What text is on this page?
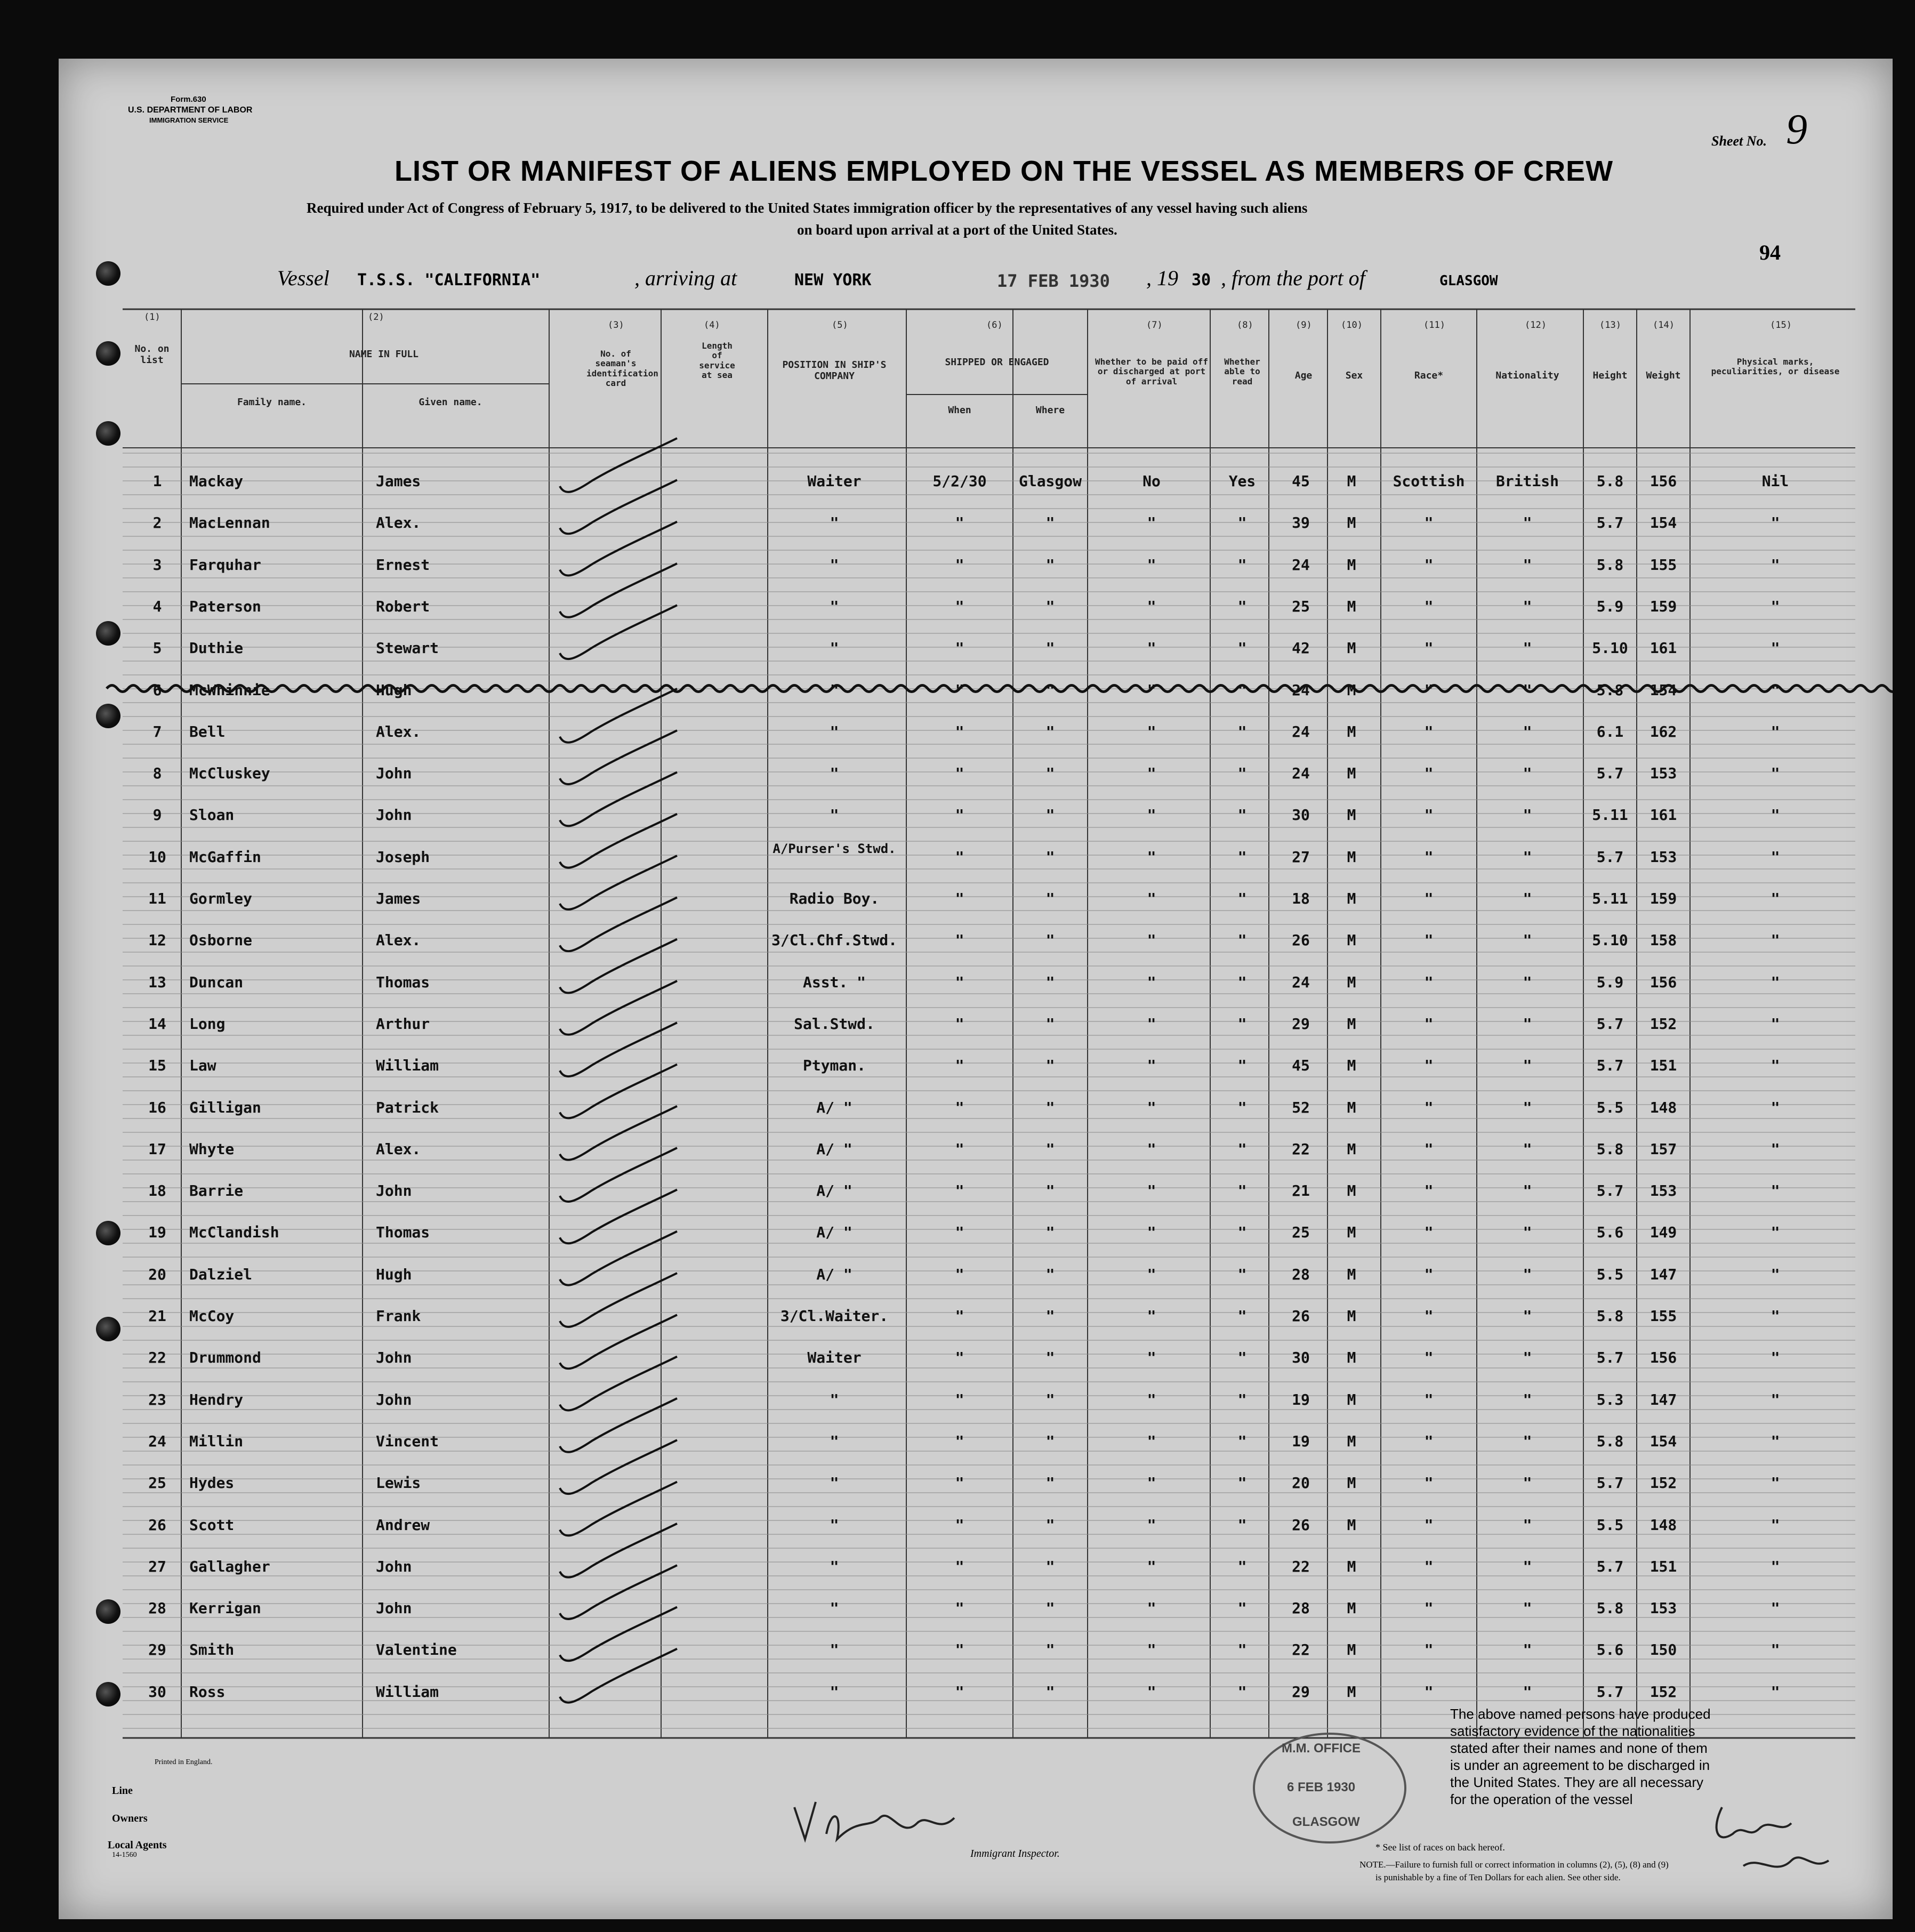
Form.630
U.S. DEPARTMENT OF LABOR
IMMIGRATION SERVICE
Sheet No. 9
94
LIST OR MANIFEST OF ALIENS EMPLOYED ON THE VESSEL AS MEMBERS OF CREW
Required under Act of Congress of February 5, 1917, to be delivered to the United States immigration officer by the representatives of any vessel having such aliens
on board upon arrival at a port of the United States.
Vessel T.S.S. "CALIFORNIA"	, arriving at	NEW YORK	17 FEB 1930 , 19 30 , from the port of	GLASGOW
(1)
No. on list
(2)
NAME IN FULL
Family name.	Given name.
(3)
No. of seaman's identification card
(4)
Length of service at sea
(5)
POSITION IN SHIP'S COMPANY
(6)
SHIPPED OR ENGAGED
When	Where
(7)
Whether to be paid off or discharged at port of arrival
(8)
Whether able to read
(9)
Age
(10)
Sex
(11)
Race*
(12)
Nationality
(13)
Height
(14)
Weight
(15)
Physical marks, peculiarities, or disease
1	Mackay	James	Waiter	5/2/30	Glasgow	No	Yes	45	M	Scottish	British	5.8	156	Nil
2	MacLennan	Alex.	"	"	"	"	"	39	M	"	"	5.7	154	"
3	Farquhar	Ernest	"	"	"	"	"	24	M	"	"	5.8	155	"
4	Paterson	Robert	"	"	"	"	"	25	M	"	"	5.9	159	"
5	Duthie	Stewart	"	"	"	"	"	42	M	"	"	5.10	161	"
6	McWhinnie	Hugh	"	"	"	"	"	24	M	"	"	5.8	154	"
7	Bell	Alex.	"	"	"	"	"	24	M	"	"	6.1	162	"
8	McCluskey	John	"	"	"	"	"	24	M	"	"	5.7	153	"
9	Sloan	John	"	"	"	"	"	30	M	"	"	5.11	161	"
10	McGaffin	Joseph	A/Purser's Stwd.	"	"	"	"	27	M	"	"	5.7	153	"
11	Gormley	James	Radio Boy.	"	"	"	"	18	M	"	"	5.11	159	"
12	Osborne	Alex.	3/Cl.Chf.Stwd.	"	"	"	"	26	M	"	"	5.10	158	"
13	Duncan	Thomas	Asst. "	"	"	"	"	24	M	"	"	5.9	156	"
14	Long	Arthur	Sal.Stwd.	"	"	"	"	29	M	"	"	5.7	152	"
15	Law	William	Ptyman.	"	"	"	"	45	M	"	"	5.7	151	"
16	Gilligan	Patrick	A/ "	"	"	"	"	52	M	"	"	5.5	148	"
17	Whyte	Alex.	A/ "	"	"	"	"	22	M	"	"	5.8	157	"
18	Barrie	John	A/ "	"	"	"	"	21	M	"	"	5.7	153	"
19	McClandish	Thomas	A/ "	"	"	"	"	25	M	"	"	5.6	149	"
20	Dalziel	Hugh	A/ "	"	"	"	"	28	M	"	"	5.5	147	"
21	McCoy	Frank	3/Cl.Waiter.	"	"	"	"	26	M	"	"	5.8	155	"
22	Drummond	John	Waiter	"	"	"	"	30	M	"	"	5.7	156	"
23	Hendry	John	"	"	"	"	"	19	M	"	"	5.3	147	"
24	Millin	Vincent	"	"	"	"	"	19	M	"	"	5.8	154	"
25	Hydes	Lewis	"	"	"	"	"	20	M	"	"	5.7	152	"
26	Scott	Andrew	"	"	"	"	"	26	M	"	"	5.5	148	"
27	Gallagher	John	"	"	"	"	"	22	M	"	"	5.7	151	"
28	Kerrigan	John	"	"	"	"	"	28	M	"	"	5.8	153	"
29	Smith	Valentine	"	"	"	"	"	22	M	"	"	5.6	150	"
30	Ross	William	"	"	"	"	"	29	M	"	"	5.7	152	"
Printed in England.
Line
Owners
Local Agents
14-1560	Immigrant Inspector.
* See list of races on back hereof.
NOTE.—Failure to furnish full or correct information in columns (2), (5), (8) and (9)
is punishable by a fine of Ten Dollars for each alien. See other side.
M.M. OFFICE
6 FEB 1930
GLASGOW
The above named persons have produced
satisfactory evidence of the nationalities
stated after their names and none of them
is under an agreement to be discharged in
the United States. They are all necessary
for the operation of the vessel
